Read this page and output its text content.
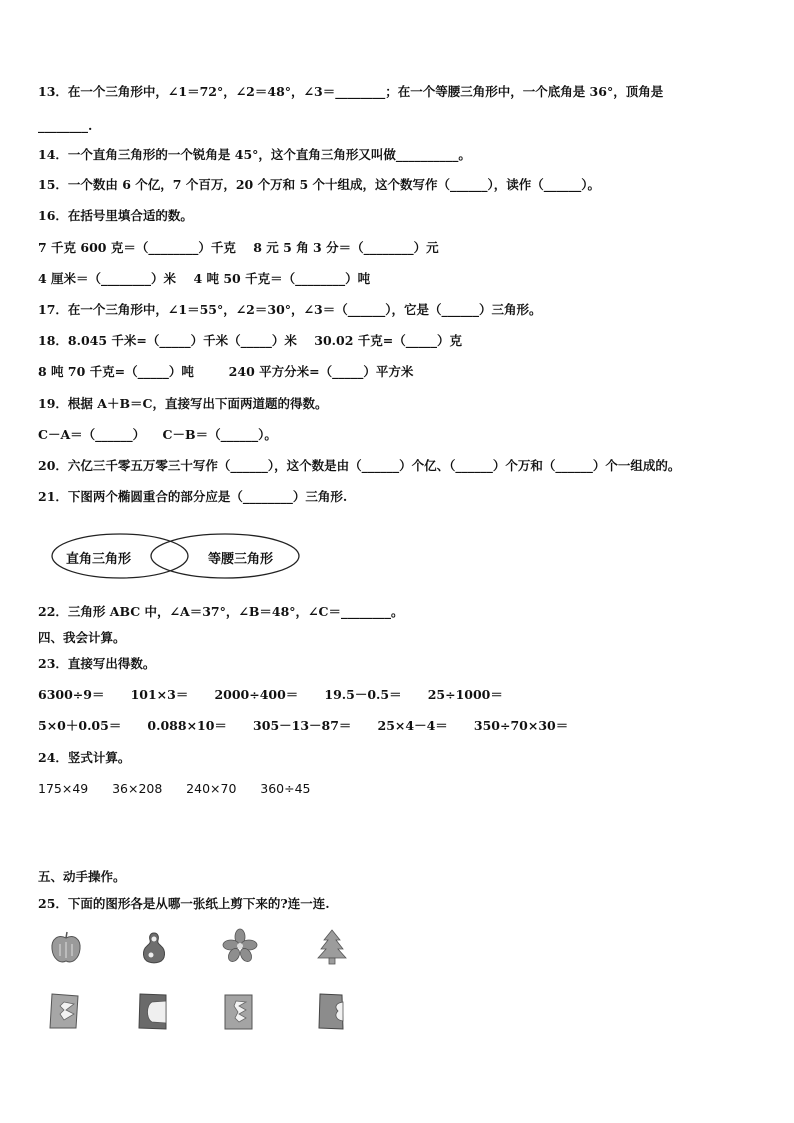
13．在一个三角形中，∠1＝72°，∠2＝48°，∠3＝________；在一个等腰三角形中，一个底角是 36°，顶角是
________.
14．一个直角三角形的一个锐角是 45°，这个直角三角形又叫做__________。
15．一个数由 6 个亿，7 个百万，20 个万和 5 个十组成，这个数写作（______），读作（______）。
16．在括号里填合适的数。
7 千克 600 克＝（________）千克    8 元 5 角 3 分＝（________）元
4 厘米＝（________）米    4 吨 50 千克＝（________）吨
17．在一个三角形中，∠1＝55°，∠2＝30°，∠3＝（______），它是（______）三角形。
18．8.045 千米=（_____）千米（_____）米    30.02 千克=（_____）克
8 吨 70 千克=（_____）吨        240 平方分米=（_____）平方米
19．根据 A＋B＝C，直接写出下面两道题的得数。
C－A＝（______）    C－B＝（______）。
20．六亿三千零五万零三十写作（______），这个数是由（______）个亿、（______）个万和（______）个一组成的。
21．下图两个椭圆重合的部分应是（________）三角形.
直角三角形	等腰三角形
22．三角形 ABC 中，∠A＝37°，∠B＝48°，∠C＝________。
四、我会计算。
23．直接写出得数。
6300÷9＝      101×3＝      2000÷400＝      19.5－0.5＝      25÷1000＝
5×0＋0.05＝      0.088×10＝      305－13－87＝      25×4－4＝      350÷70×30＝
24．竖式计算。
175×49      36×208      240×70      360÷45
五、动手操作。
25．下面的图形各是从哪一张纸上剪下来的?连一连.
